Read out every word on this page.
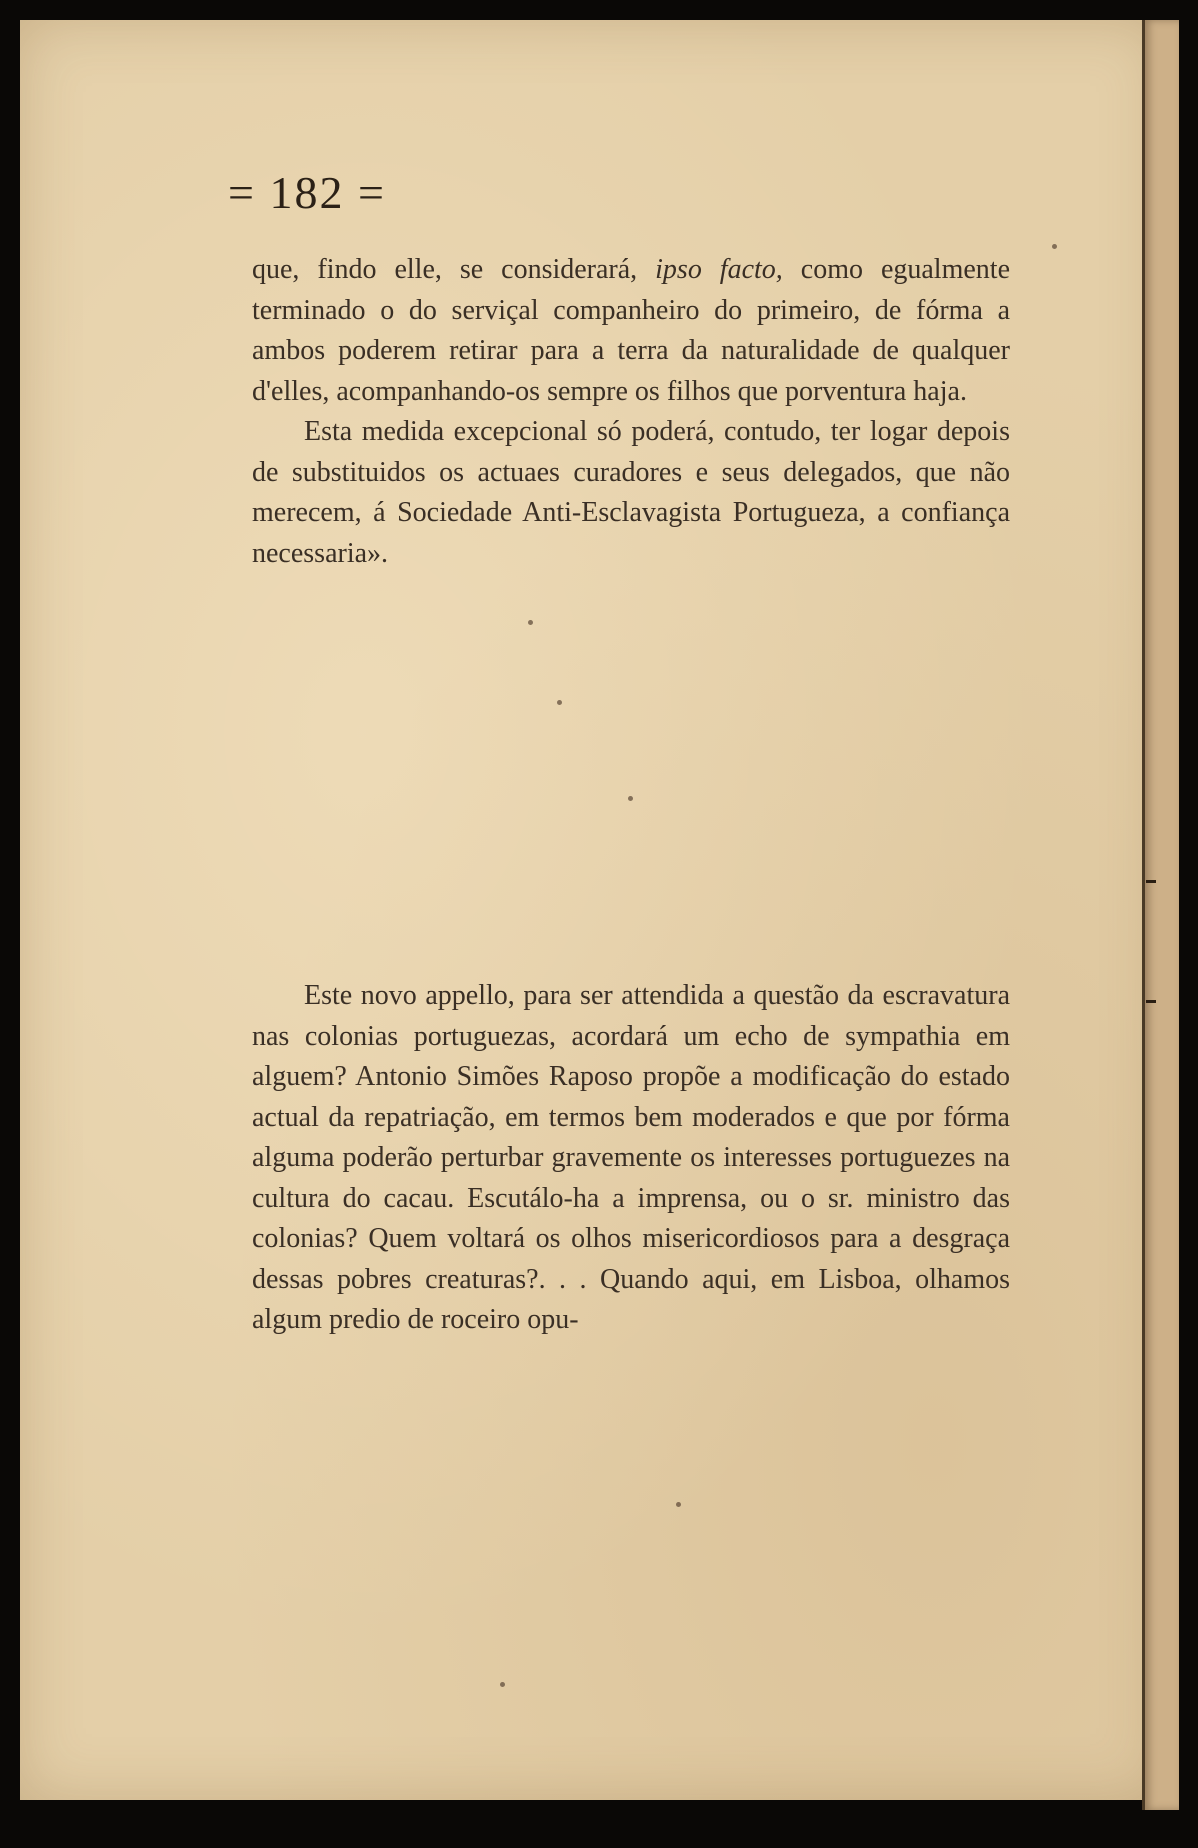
= 182 =

que, findo elle, se considerará, ipso facto, como egualmente terminado o do serviçal companheiro do primeiro, de fórma a ambos poderem retirar para a terra da naturalidade de qualquer d'elles, acompanhando-os sempre os filhos que porventura haja.

Esta medida excepcional só poderá, contudo, ter logar depois de substituidos os actuaes curadores e seus delegados, que não merecem, á Sociedade Anti-Esclavagista Portugueza, a confiança necessaria».

Este novo appello, para ser attendida a questão da escravatura nas colonias portuguezas, acordará um echo de sympathia em alguem? Antonio Simões Raposo propõe a modificação do estado actual da repatriação, em termos bem moderados e que por fórma alguma poderão perturbar gravemente os interesses portuguezes na cultura do cacau. Escutálo-ha a imprensa, ou o sr. ministro das colonias? Quem voltará os olhos misericordiosos para a desgraça dessas pobres creaturas?. . . Quando aqui, em Lisboa, olhamos algum predio de roceiro opu-
